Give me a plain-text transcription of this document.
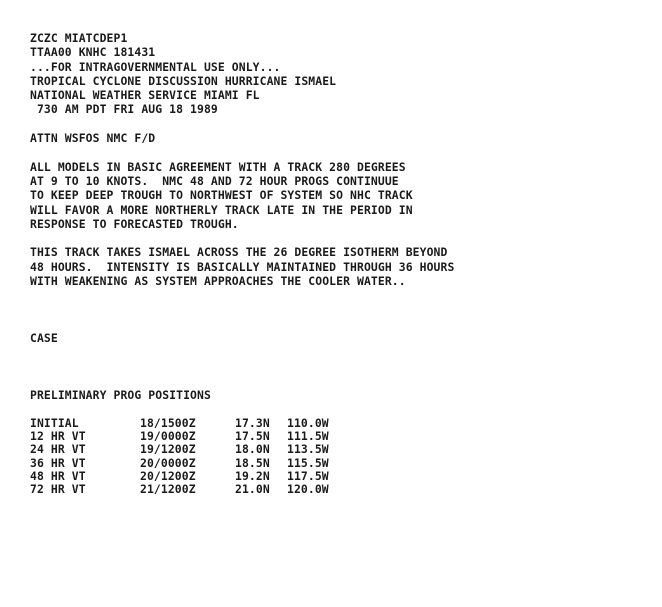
ZCZC MIATCDEP1
TTAA00 KNHC 181431
...FOR INTRAGOVERNMENTAL USE ONLY...
TROPICAL CYCLONE DISCUSSION HURRICANE ISMAEL
NATIONAL WEATHER SERVICE MIAMI FL
730 AM PDT FRI AUG 18 1989
ATTN WSFOS NMC F/D
ALL MODELS IN BASIC AGREEMENT WITH A TRACK 280 DEGREES
AT 9 TO 10 KNOTS.  NMC 48 AND 72 HOUR PROGS CONTINUUE
TO KEEP DEEP TROUGH TO NORTHWEST OF SYSTEM SO NHC TRACK
WILL FAVOR A MORE NORTHERLY TRACK LATE IN THE PERIOD IN
RESPONSE TO FORECASTED TROUGH.
THIS TRACK TAKES ISMAEL ACROSS THE 26 DEGREE ISOTHERM BEYOND
48 HOURS.  INTENSITY IS BASICALLY MAINTAINED THROUGH 36 HOURS
WITH WEAKENING AS SYSTEM APPROACHES THE COOLER WATER..
CASE
PRELIMINARY PROG POSITIONS
INITIAL	18/1500Z	17.3N	110.0W
12 HR VT	19/0000Z	17.5N	111.5W
24 HR VT	19/1200Z	18.0N	113.5W
36 HR VT	20/0000Z	18.5N	115.5W
48 HR VT	20/1200Z	19.2N	117.5W
72 HR VT	21/1200Z	21.0N	120.0W
